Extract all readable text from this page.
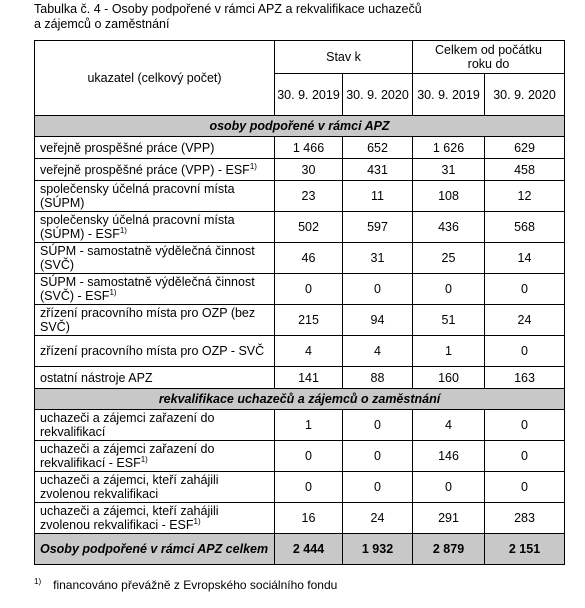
Tabulka č. 4 - Osoby podpořené v rámci APZ a rekvalifikace uchazečů
a zájemců o zaměstnání
ukazatel (celkový počet)	Stav k		Celkem od počátku roku do	
	30. 9. 2019	30. 9. 2020	30. 9. 2019	30. 9. 2020
osoby podpořené v rámci APZ				
veřejně prospěšné práce (VPP)	1 466	652	1 626	629
veřejně prospěšné práce (VPP) - ESF$^{1)}$	30	431	31	458
společensky účelná pracovní místa (SÚPM)	23	11	108	12
společensky účelná pracovní místa (SÚPM) - ESF$^{1)}$	502	597	436	568
SÚPM - samostatně výdělečná činnost (SVČ)	46	31	25	14
SÚPM - samostatně výdělečná činnost (SVČ) - ESF$^{1)}$	0	0	0	0
zřízení pracovního místa pro OZP (bez SVČ)	215	94	51	24
zřízení pracovního místa pro OZP - SVČ	4	4	1	0
ostatní nástroje APZ	141	88	160	163
rekvalifikace uchazečů a zájemců o zaměstnání				
uchazeči a zájemci zařazení do rekvalifikací	1	0	4	0
uchazeči a zájemci zařazení do rekvalifikací - ESF$^{1)}$	0	0	146	0
uchazeči a zájemci, kteří zahájili zvolenou rekvalifikaci	0	0	0	0
uchazeči a zájemci, kteří zahájili zvolenou rekvalifikaci - ESF$^{1)}$	16	24	291	283
Osoby podpořené v rámci APZ celkem	2 444	1 932	2 879	2 151
$^{1)}$ financováno převážně z Evropského sociálního fondu
